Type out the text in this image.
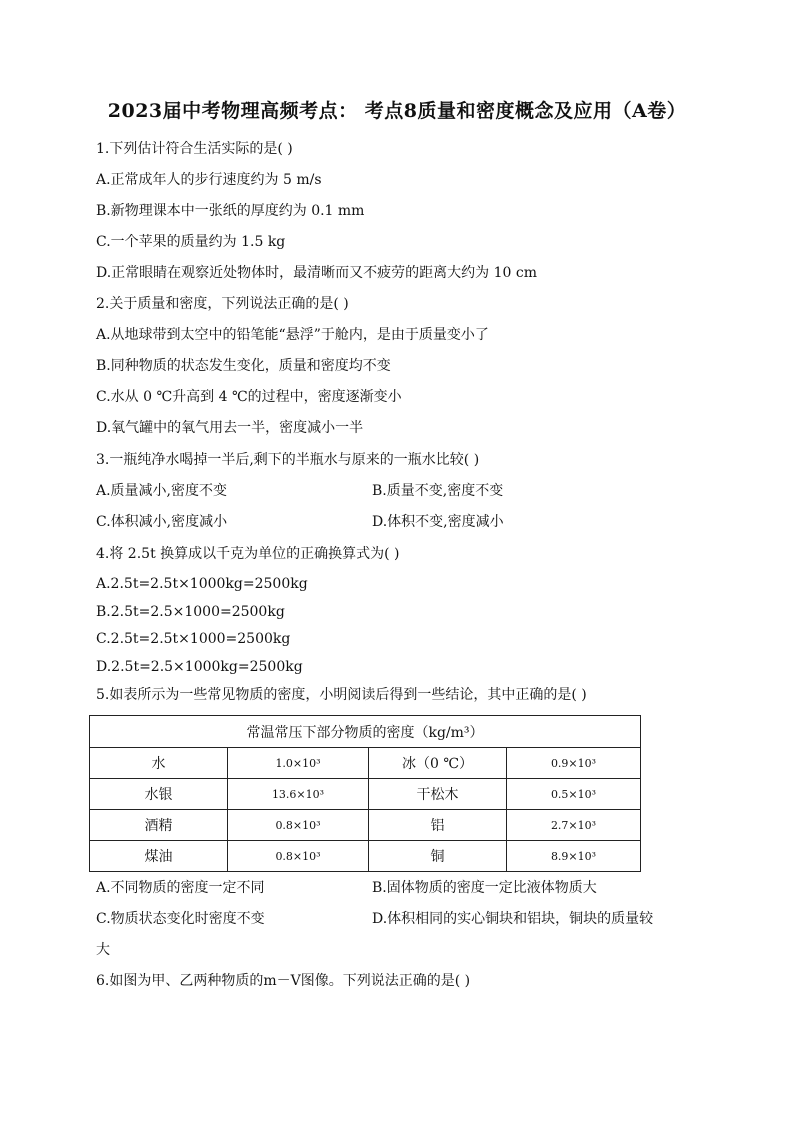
2023届中考物理高频考点： 考点8质量和密度概念及应用（A卷）
1.下列估计符合生活实际的是( )
A.正常成年人的步行速度约为 5 m/s
B.新物理课本中一张纸的厚度约为 0.1 mm
C.一个苹果的质量约为 1.5 kg
D.正常眼睛在观察近处物体时，最清晰而又不疲劳的距离大约为 10 cm
2.关于质量和密度，下列说法正确的是( )
A.从地球带到太空中的铅笔能“悬浮”于舱内，是由于质量变小了
B.同种物质的状态发生变化，质量和密度均不变
C.水从 0 ℃升高到 4 ℃的过程中，密度逐渐变小
D.氧气罐中的氧气用去一半，密度减小一半
3.一瓶纯净水喝掉一半后,剩下的半瓶水与原来的一瓶水比较( )
A.质量减小,密度不变	B.质量不变,密度不变
C.体积减小,密度减小	D.体积不变,密度减小
4.将 2.5t 换算成以千克为单位的正确换算式为( )
A.2.5t=2.5t×1000kg=2500kg
B.2.5t=2.5×1000=2500kg
C.2.5t=2.5t×1000=2500kg
D.2.5t=2.5×1000kg=2500kg
5.如表所示为一些常见物质的密度，小明阅读后得到一些结论，其中正确的是( )
常温常压下部分物质的密度（kg/m³）			
水	1.0×10³	冰（0 ℃）	0.9×10³
水银	13.6×10³	干松木	0.5×10³
酒精	0.8×10³	铝	2.7×10³
煤油	0.8×10³	铜	8.9×10³
A.不同物质的密度一定不同	B.固体物质的密度一定比液体物质大
C.物质状态变化时密度不变	D.体积相同的实心铜块和铝块，铜块的质量较
大
6.如图为甲、乙两种物质的m－V图像。下列说法正确的是( )
